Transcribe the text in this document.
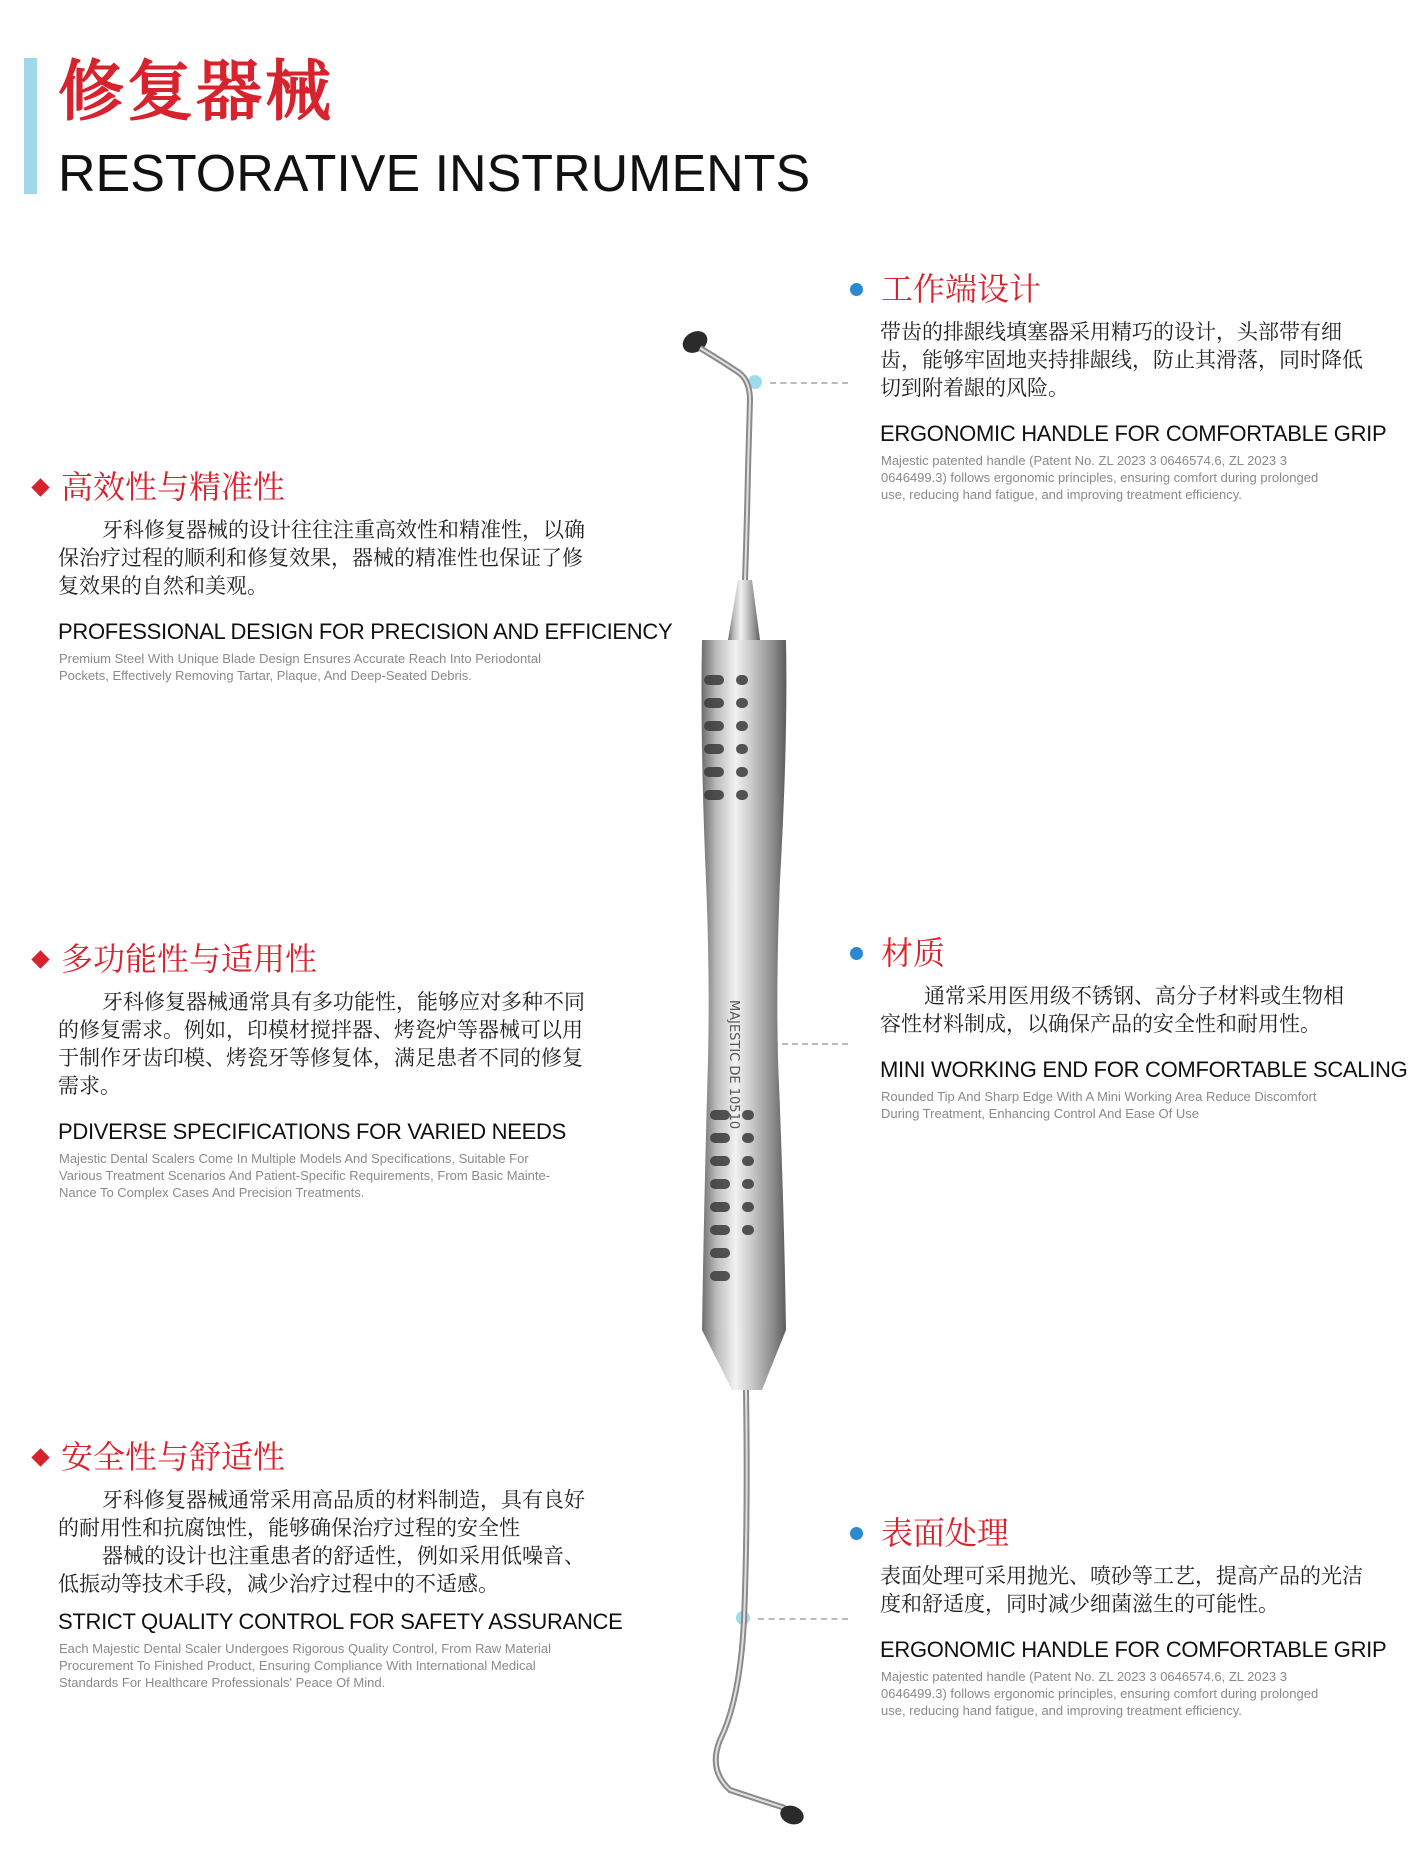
修复器械
RESTORATIVE INSTRUMENTS
高效性与精准性

牙科修复器械的设计往往注重高效性和精准性，以确

保治疗过程的顺利和修复效果，器械的精准性也保证了修

复效果的自然和美观。

PROFESSIONAL DESIGN FOR PRECISION AND EFFICIENCY
Premium Steel With Unique Blade Design Ensures Accurate Reach Into Periodontal
Pockets, Effectively Removing Tartar, Plaque, And Deep-Seated Debris.
多功能性与适用性

牙科修复器械通常具有多功能性，能够应对多种不同

的修复需求。例如，印模材搅拌器、烤瓷炉等器械可以用

于制作牙齿印模、烤瓷牙等修复体，满足患者不同的修复

需求。

PDIVERSE SPECIFICATIONS FOR VARIED NEEDS
Majestic Dental Scalers Come In Multiple Models And Specifications, Suitable For
Various Treatment Scenarios And Patient-Specific Requirements, From Basic Mainte-
Nance To Complex Cases And Precision Treatments.
安全性与舒适性

牙科修复器械通常采用高品质的材料制造，具有良好

的耐用性和抗腐蚀性，能够确保治疗过程的安全性

器械的设计也注重患者的舒适性，例如采用低噪音、

低振动等技术手段，减少治疗过程中的不适感。

STRICT QUALITY CONTROL FOR SAFETY ASSURANCE
Each Majestic Dental Scaler Undergoes Rigorous Quality Control, From Raw Material
Procurement To Finished Product, Ensuring Compliance With International Medical
Standards For Healthcare Professionals' Peace Of Mind.
工作端设计

带齿的排龈线填塞器采用精巧的设计，头部带有细

齿，能够牢固地夹持排龈线，防止其滑落，同时降低

切到附着龈的风险。

ERGONOMIC HANDLE FOR COMFORTABLE GRIP
Majestic patented handle (Patent No. ZL 2023 3 0646574.6, ZL 2023 3
0646499.3) follows ergonomic principles, ensuring comfort during prolonged
use, reducing hand fatigue, and improving treatment efficiency.
材质

通常采用医用级不锈钢、高分子材料或生物相

容性材料制成，以确保产品的安全性和耐用性。

MINI WORKING END FOR COMFORTABLE SCALING
Rounded Tip And Sharp Edge With A Mini Working Area Reduce Discomfort
During Treatment, Enhancing Control And Ease Of Use
表面处理

表面处理可采用抛光、喷砂等工艺，提高产品的光洁

度和舒适度，同时减少细菌滋生的可能性。

ERGONOMIC HANDLE FOR COMFORTABLE GRIP
Majestic patented handle (Patent No. ZL 2023 3 0646574.6, ZL 2023 3
0646499.3) follows ergonomic principles, ensuring comfort during prolonged
use, reducing hand fatigue, and improving treatment efficiency.
MAJESTIC DE 10510
